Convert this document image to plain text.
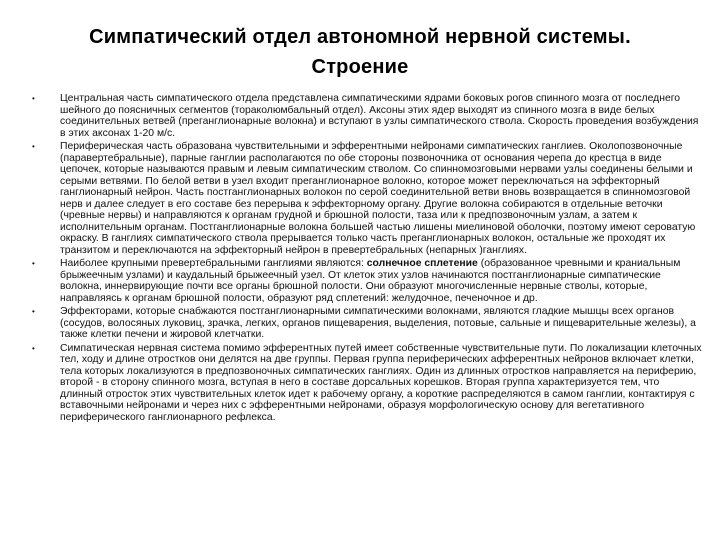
Симпатический отдел автономной нервной системы.
Строение
• Центральная часть симпатического отдела представлена симпатическими ядрами боковых рогов спинного мозга от последнего шейного до поясничных сегментов (тораколюмбальный отдел). Аксоны этих ядер выходят из спинного мозга в виде белых соединительных ветвей (преганглионарные волокна) и вступают в узлы симпатического ствола. Скорость проведения возбуждения в этих аксонах 1-20 м/с.
• Периферическая часть образована чувствительными и эфферентными нейронами симпатических ганглиев. Околопозвоночные (паравертебральные), парные ганглии располагаются по обе стороны позвоночника от основания черепа до крестца в виде цепочек, которые называются правым и левым симпатическим стволом. Со спинномозговыми нервами узлы соединены белыми и серыми ветвями. По белой ветви в узел входит преганглионарное волокно, которое может переключаться на эффекторный ганглионарный нейрон. Часть постганглионарных волокон по серой соединительной ветви вновь возвращается в спинномозговой нерв и далее следует в его составе без перерыва к эффекторному органу. Другие волокна собираются в отдельные веточки (чревные нервы) и направляются к органам грудной и брюшной полости, таза или к предпозвоночным узлам, а затем к исполнительным органам. Постганглионарные волокна большей частью лишены миелиновой оболочки, поэтому имеют сероватую окраску. В ганглиях симпатического ствола прерывается только часть преганглионарных волокон, остальные же проходят их транзитом и переключаются на эффекторный нейрон в превертебральных (непарных )ганглиях.
• Наиболее крупными превертебральными ганглиями являются: солнечное сплетение (образованное чревными и краниальным брыжеечным узлами) и каудальный брыжеечный узел. От клеток этих узлов начинаются постганглионарные симпатические волокна, иннервирующие почти все органы брюшной полости. Они образуют многочисленные нервные стволы, которые, направляясь к органам брюшной полости, образуют ряд сплетений: желудочное, печеночное и др.
• Эффекторами, которые снабжаются постганглионарными симпатическими волокнами, являются гладкие мышцы всех органов (сосудов, волосяных луковиц, зрачка, легких, органов пищеварения, выделения, потовые, сальные и пищеварительные железы), а также клетки печени и жировой клетчатки.
• Симпатическая нервная система помимо эфферентных путей имеет собственные чувствительные пути. По локализации клеточных тел, ходу и длине отростков они делятся на две группы. Первая группа периферических афферентных нейронов включает клетки, тела которых локализуются в предпозвоночных симпатических ганглиях. Один из длинных отростков направляется на периферию, второй - в сторону спинного мозга, вступая в него в составе дорсальных корешков. Вторая группа характеризуется тем, что длинный отросток этих чувствительных клеток идет к рабочему органу, а короткие распределяются в самом ганглии, контактируя с вставочными нейронами и через них с эфферентными нейронами, образуя морфологическую основу для вегетативного периферического ганглионарного рефлекса.
